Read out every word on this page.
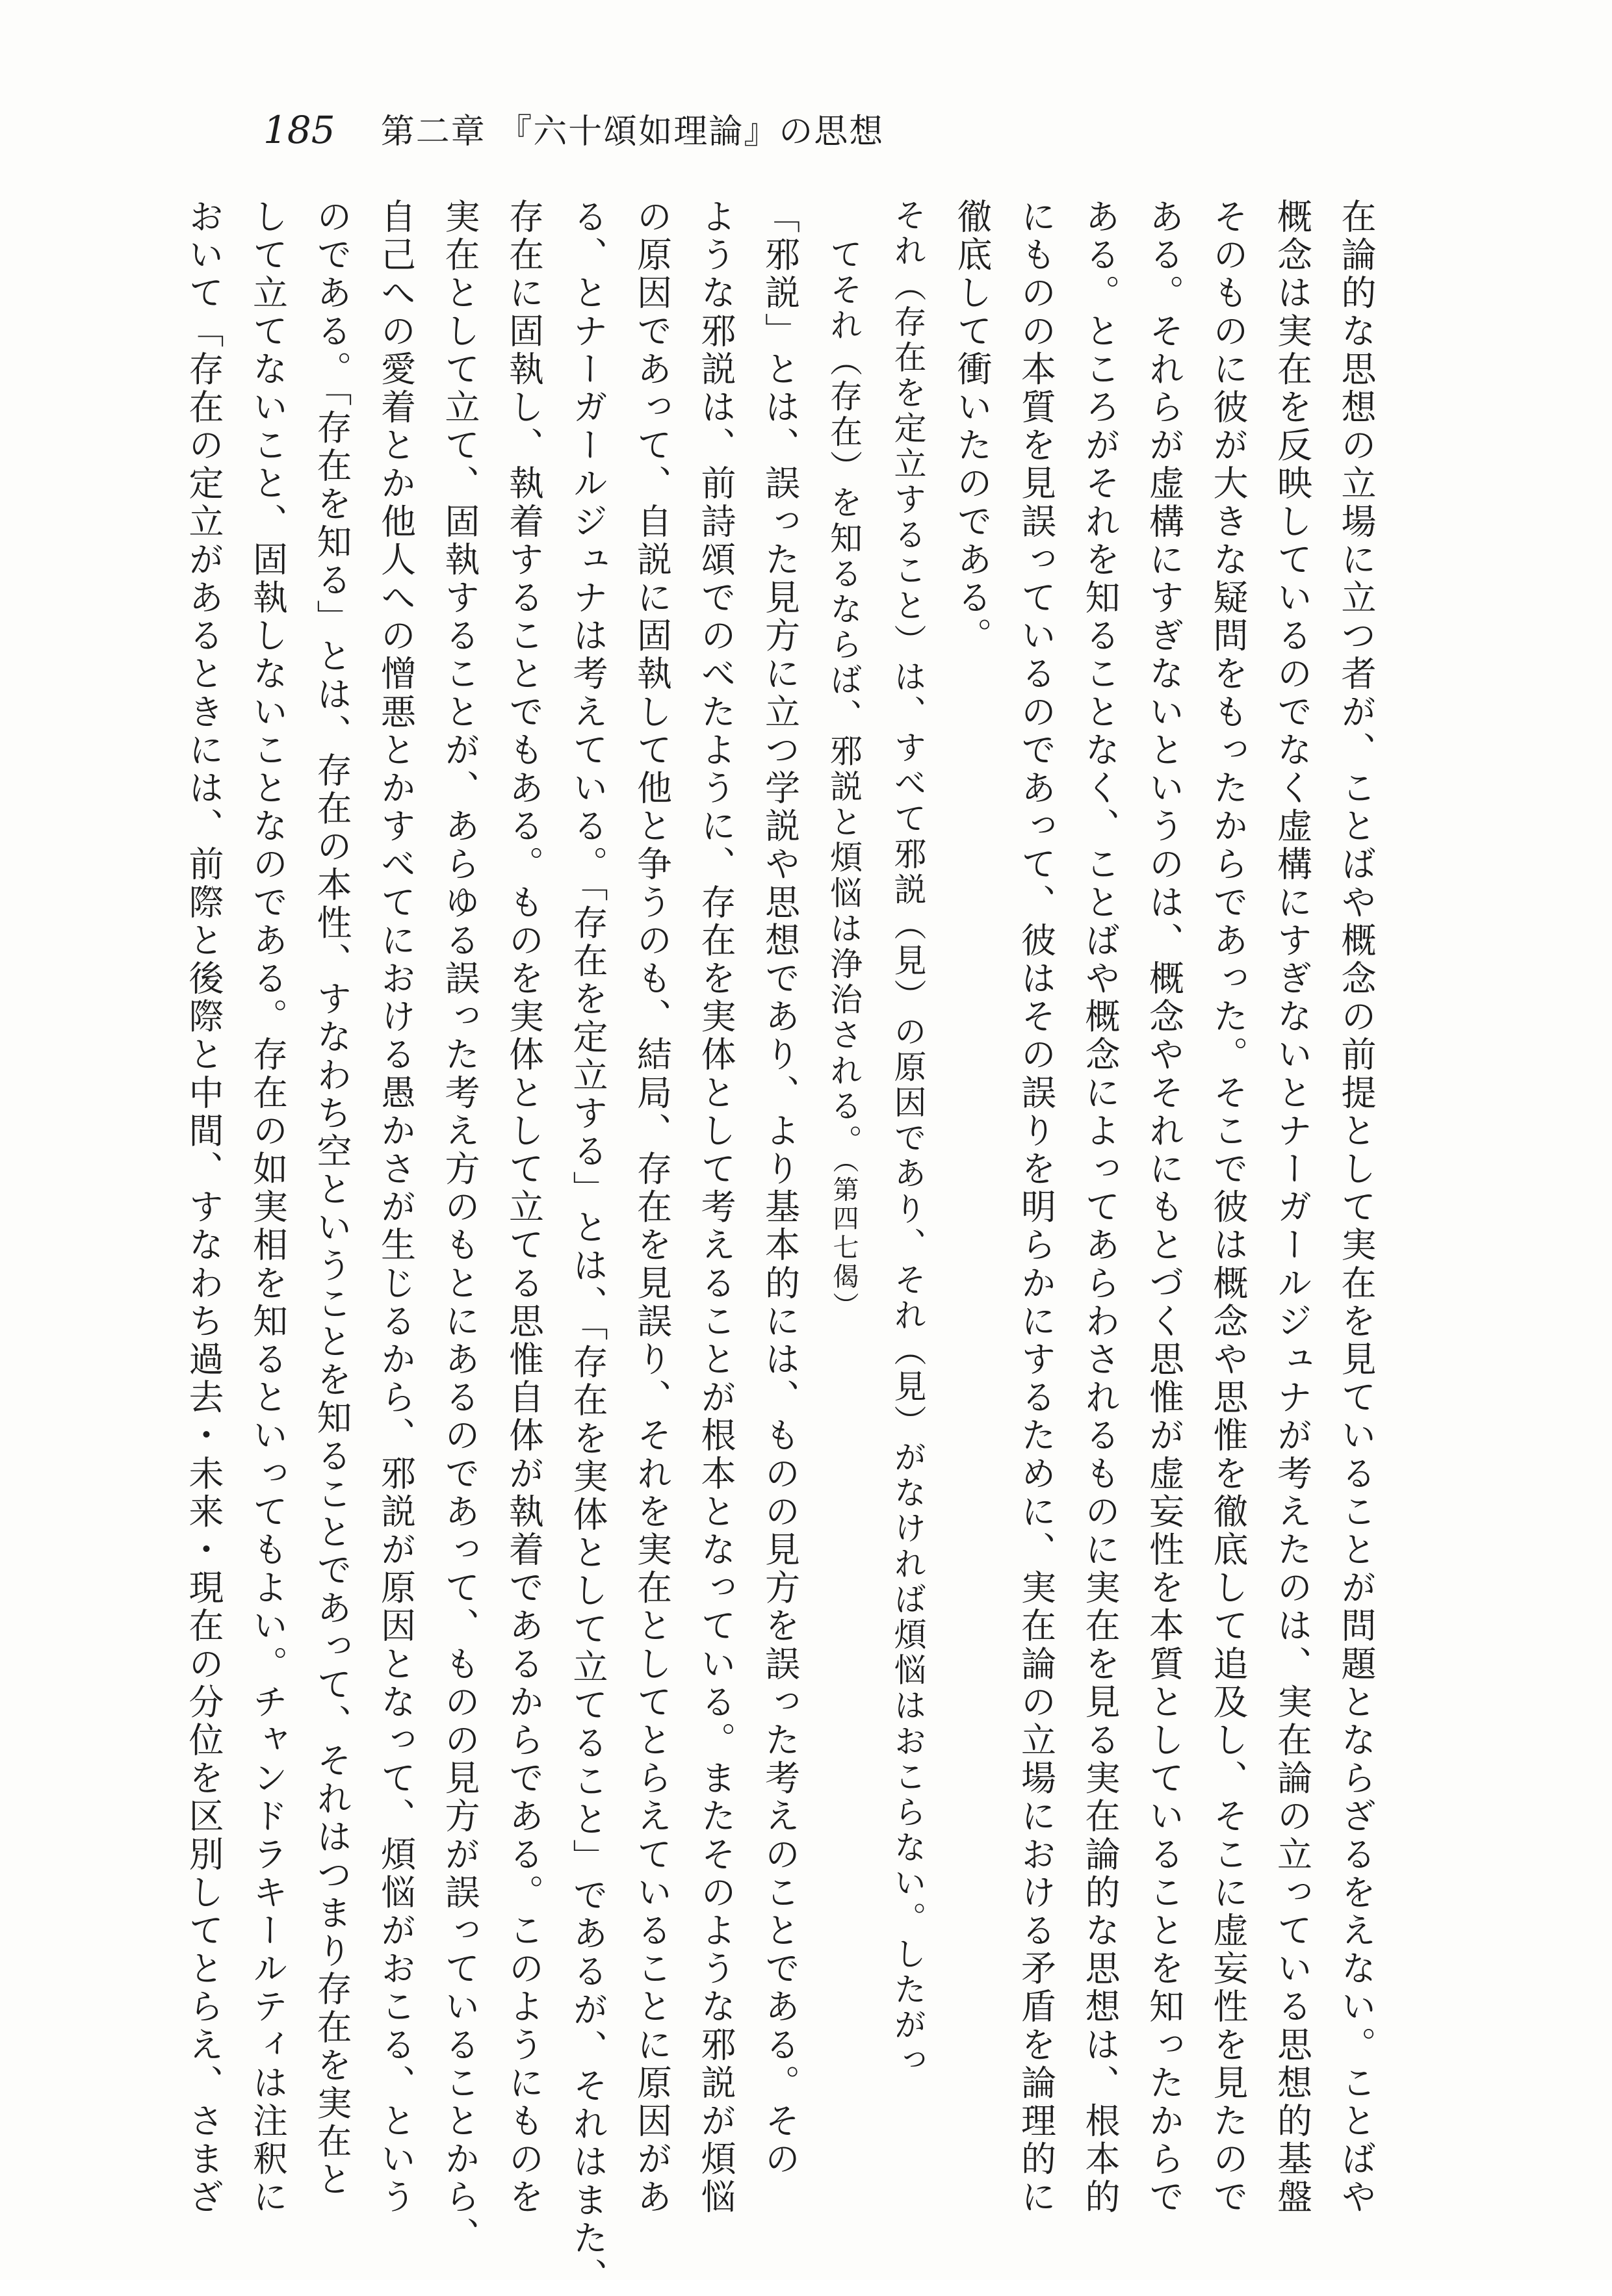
185 第二章 『六十頌如理論』の思想

在論的な思想の立場に立つ者が、ことばや概念の前提として実在を見ていることが問題とならざるをえない。ことばや
概念は実在を反映しているのでなく虚構にすぎないとナーガールジュナが考えたのは、実在論の立っている思想的基盤
そのものに彼が大きな疑問をもったからであった。そこで彼は概念や思惟を徹底して追及し、そこに虚妄性を見たので
ある。それらが虚構にすぎないというのは、概念やそれにもとづく思惟が虚妄性を本質としていることを知ったからで
ある。ところがそれを知ることなく、ことばや概念によってあらわされるものに実在を見る実在論的な思想は、根本的
にものの本質を見誤っているのであって、彼はその誤りを明らかにするために、実在論の立場における矛盾を論理的に
徹底して衝いたのである。

それ（存在を定立すること）は、すべて邪説（見）の原因であり、それ（見）がなければ煩悩はおこらない。したがっ
てそれ（存在）を知るならば、邪説と煩悩は浄治される。（第四七偈）

「邪説」とは、誤った見方に立つ学説や思想であり、より基本的には、ものの見方を誤った考えのことである。その
ような邪説は、前詩頌でのべたように、存在を実体として考えることが根本となっている。またそのような邪説が煩悩
の原因であって、自説に固執して他と争うのも、結局、存在を見誤り、それを実在としてとらえていることに原因があ
る、とナーガールジュナは考えている。「存在を定立する」とは、「存在を実体として立てること」であるが、それはまた、
存在に固執し、執着することでもある。ものを実体として立てる思惟自体が執着であるからである。このようにものを
実在として立て、固執することが、あらゆる誤った考え方のもとにあるのであって、ものの見方が誤っていることから、
自己への愛着とか他人への憎悪とかすべてにおける愚かさが生じるから、邪説が原因となって、煩悩がおこる、という
のである。「存在を知る」とは、存在の本性、すなわち空ということを知ることであって、それはつまり存在を実在と
して立てないこと、固執しないことなのである。存在の如実相を知るといってもよい。チャンドラキールティは注釈に
おいて「存在の定立があるときには、前際と後際と中間、すなわち過去・未来・現在の分位を区別してとらえ、さまざ
